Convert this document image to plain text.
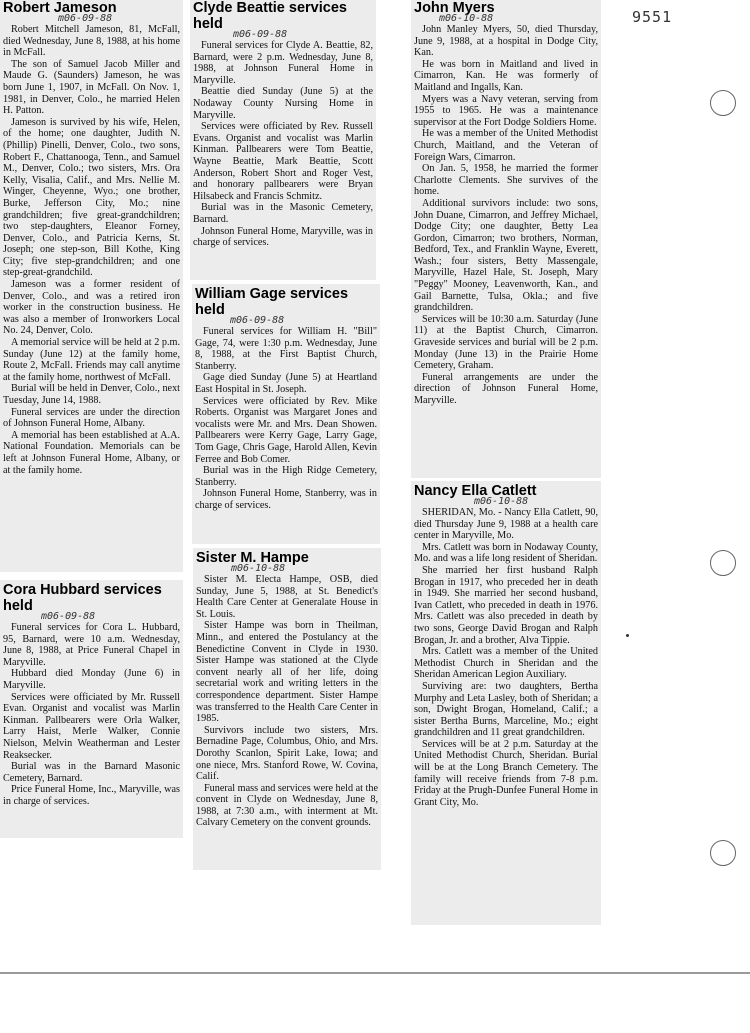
9551
Robert Jameson
m06-09-88

Robert Mitchell Jameson, 81, McFall, died Wednesday, June 8, 1988, at his home in McFall.

The son of Samuel Jacob Miller and Maude G. (Saunders) Jameson, he was born June 1, 1907, in McFall. On Nov. 1, 1981, in Denver, Colo., he married Helen H. Patton.

Jameson is survived by his wife, Helen, of the home; one daughter, Judith N. (Phillip) Pinelli, Denver, Colo., two sons, Robert F., Chattanooga, Tenn., and Samuel M., Denver, Colo.; two sisters, Mrs. Ora Kelly, Visalia, Calif., and Mrs. Nellie M. Winger, Cheyenne, Wyo.; one brother, Burke, Jefferson City, Mo.; nine grandchildren; five great-grandchildren; two step-daughters, Eleanor Forney, Denver, Colo., and Patricia Kerns, St. Joseph; one step-son, Bill Kothe, King City; five step-grandchildren; and one step-great-grandchild.

Jameson was a former resident of Denver, Colo., and was a retired iron worker in the construction business. He was also a member of Ironworkers Local No. 24, Denver, Colo.

A memorial service will be held at 2 p.m. Sunday (June 12) at the family home, Route 2, McFall. Friends may call anytime at the family home, northwest of McFall.

Burial will be held in Denver, Colo., next Tuesday, June 14, 1988.

Funeral services are under the direction of Johnson Funeral Home, Albany.

A memorial has been established at A.A. National Foundation. Memorials can be left at Johnson Funeral Home, Albany, or at the family home.

Cora Hubbard services held
m06-09-88

Funeral services for Cora L. Hubbard, 95, Barnard, were 10 a.m. Wednesday, June 8, 1988, at Price Funeral Chapel in Maryville.

Hubbard died Monday (June 6) in Maryville.

Services were officiated by Mr. Russell Evan. Organist and vocalist was Marlin Kinman. Pallbearers were Orla Walker, Larry Haist, Merle Walker, Connie Nielson, Melvin Weatherman and Lester Reaksecker.

Burial was in the Barnard Masonic Cemetery, Barnard.

Price Funeral Home, Inc., Maryville, was in charge of services.

Clyde Beattie services held
m06-09-88

Funeral services for Clyde A. Beattie, 82, Barnard, were 2 p.m. Wednesday, June 8, 1988, at Johnson Funeral Home in Maryville.

Beattie died Sunday (June 5) at the Nodaway County Nursing Home in Maryville.

Services were officiated by Rev. Russell Evans. Organist and vocalist was Marlin Kinman. Pallbearers were Tom Beattie, Wayne Beattie, Mark Beattie, Scott Anderson, Robert Short and Roger Vest, and honorary pallbearers were Bryan Hilsabeck and Francis Schmitz.

Burial was in the Masonic Cemetery, Barnard.

Johnson Funeral Home, Maryville, was in charge of services.

William Gage services held
m06-09-88

Funeral services for William H. "Bill" Gage, 74, were 1:30 p.m. Wednesday, June 8, 1988, at the First Baptist Church, Stanberry.

Gage died Sunday (June 5) at Heartland East Hospital in St. Joseph.

Services were officiated by Rev. Mike Roberts. Organist was Margaret Jones and vocalists were Mr. and Mrs. Dean Showen. Pallbearers were Kerry Gage, Larry Gage, Tom Gage, Chris Gage, Harold Allen, Kevin Ferree and Bob Comer.

Burial was in the High Ridge Cemetery, Stanberry.

Johnson Funeral Home, Stanberry, was in charge of services.

Sister M. Hampe
m06-10-88

Sister M. Electa Hampe, OSB, died Sunday, June 5, 1988, at St. Benedict's Health Care Center at Generalate House in St. Louis.

Sister Hampe was born in Theilman, Minn., and entered the Postulancy at the Benedictine Convent in Clyde in 1930. Sister Hampe was stationed at the Clyde convent nearly all of her life, doing secretarial work and writing letters in the correspondence department. Sister Hampe was transferred to the Health Care Center in 1985.

Survivors include two sisters, Mrs. Bernadine Page, Columbus, Ohio, and Mrs. Dorothy Scanlon, Spirit Lake, Iowa; and one niece, Mrs. Stanford Rowe, W. Covina, Calif.

Funeral mass and services were held at the convent in Clyde on Wednesday, June 8, 1988, at 7:30 a.m., with interment at Mt. Calvary Cemetery on the convent grounds.

John Myers
m06-10-88

John Manley Myers, 50, died Thursday, June 9, 1988, at a hospital in Dodge City, Kan.

He was born in Maitland and lived in Cimarron, Kan. He was formerly of Maitland and Ingalls, Kan.

Myers was a Navy veteran, serving from 1955 to 1965. He was a maintenance supervisor at the Fort Dodge Soldiers Home.

He was a member of the United Methodist Church, Maitland, and the Veteran of Foreign Wars, Cimarron.

On Jan. 5, 1958, he married the former Charlotte Clements. She survives of the home.

Additional survivors include: two sons, John Duane, Cimarron, and Jeffrey Michael, Dodge City; one daughter, Betty Lea Gordon, Cimarron; two brothers, Norman, Bedford, Tex., and Franklin Wayne, Everett, Wash.; four sisters, Betty Massengale, Maryville, Hazel Hale, St. Joseph, Mary "Peggy" Mooney, Leavenworth, Kan., and Gail Barnette, Tulsa, Okla.; and five grandchildren.

Services will be 10:30 a.m. Saturday (June 11) at the Baptist Church, Cimarron. Graveside services and burial will be 2 p.m. Monday (June 13) in the Prairie Home Cemetery, Graham.

Funeral arrangements are under the direction of Johnson Funeral Home, Maryville.

Nancy Ella Catlett
m06-10-88

SHERIDAN, Mo. - Nancy Ella Catlett, 90, died Thursday June 9, 1988 at a health care center in Maryville, Mo.

Mrs. Catlett was born in Nodaway County, Mo. and was a life long resident of Sheridan.

She married her first husband Ralph Brogan in 1917, who preceded her in death in 1949. She married her second husband, Ivan Catlett, who preceded in death in 1976. Mrs. Catlett was also preceded in death by two sons, George David Brogan and Ralph Brogan, Jr. and a brother, Alva Tippie.

Mrs. Catlett was a member of the United Methodist Church in Sheridan and the Sheridan American Legion Auxiliary.

Surviving are: two daughters, Bertha Murphy and Leta Lasley, both of Sheridan; a son, Dwight Brogan, Homeland, Calif.; a sister Bertha Burns, Marceline, Mo.; eight grandchildren and 11 great grandchildren.

Services will be at 2 p.m. Saturday at the United Methodist Church, Sheridan. Burial will be at the Long Branch Cemetery. The family will receive friends from 7-8 p.m. Friday at the Prugh-Dunfee Funeral Home in Grant City, Mo.
